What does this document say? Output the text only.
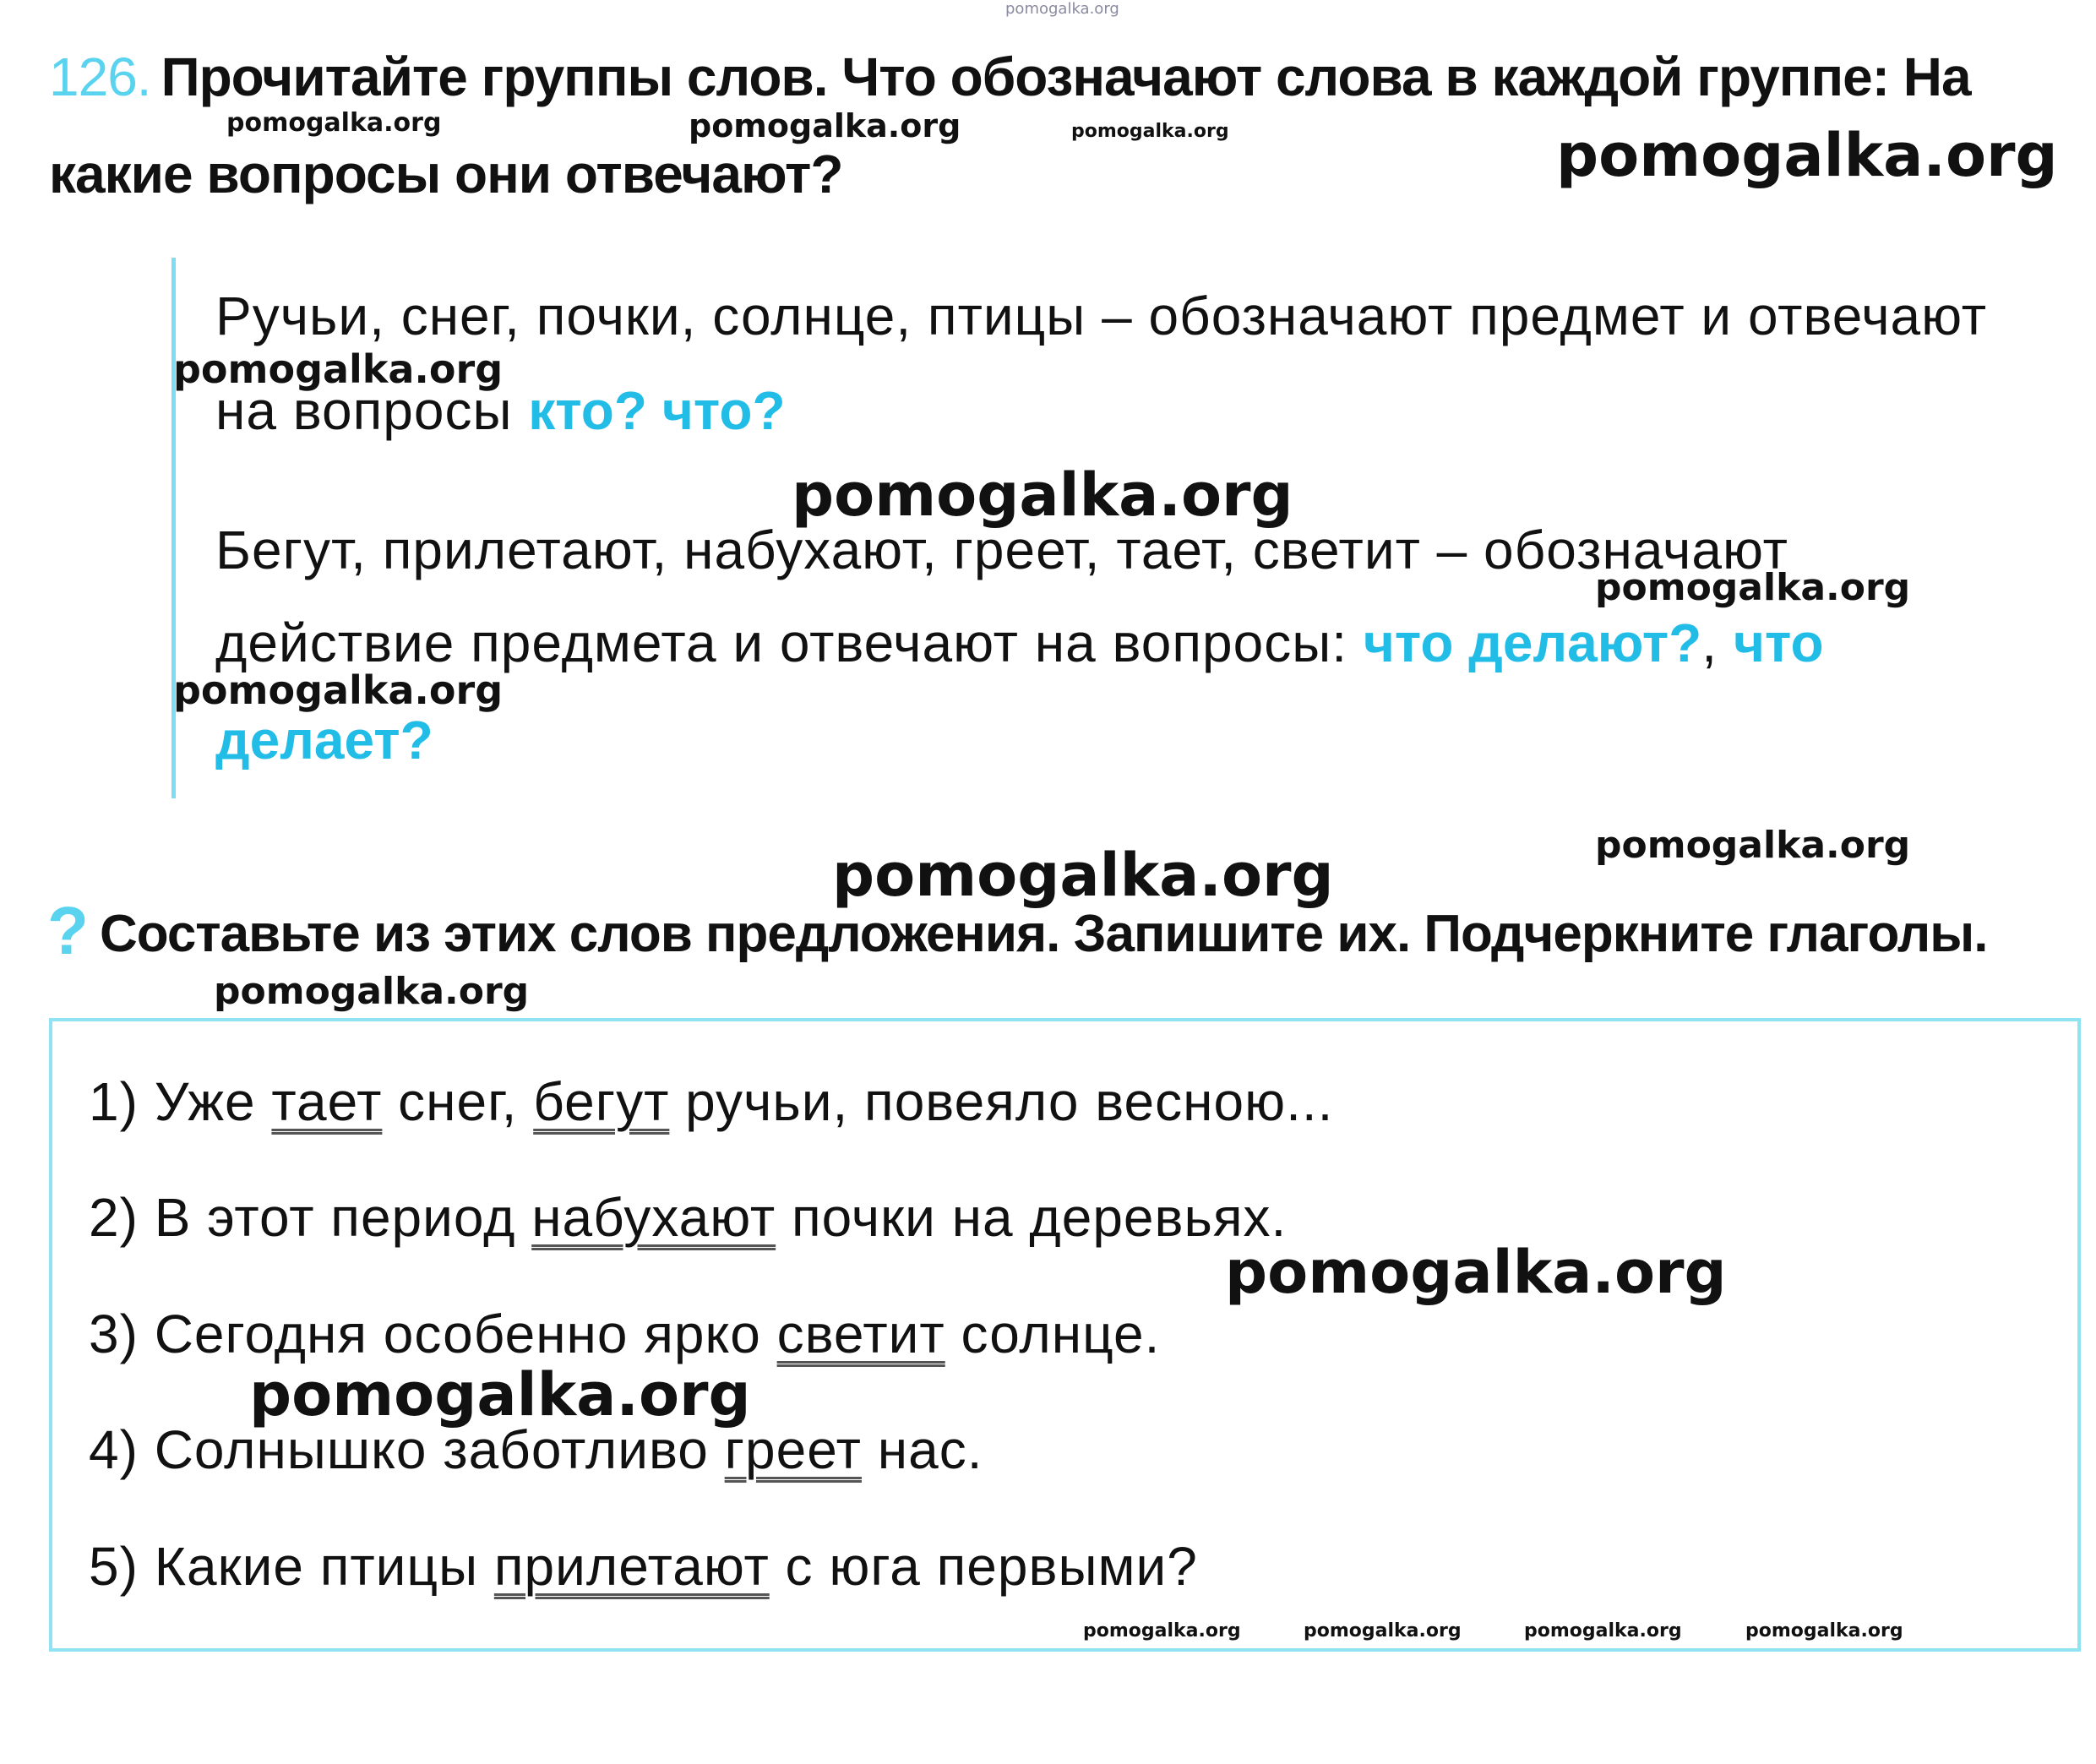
pomogalka.org
126. Прочитайте группы слов. Что обозначают слова в каждой группе: На
какие вопросы они отвечают?
pomogalka.org	pomogalka.org	pomogalka.org	pomogalka.org
Ручьи, снег, почки, солнце, птицы – обозначают предмет и отвечают
на вопросы кто? что?
Бегут, прилетают, набухают, греет, тает, светит – обозначают
действие предмета и отвечают на вопросы: что делают?, что
делает?
pomogalka.org
pomogalka.org
pomogalka.org
pomogalka.org
pomogalka.org
pomogalka.org
? Составьте из этих слов предложения. Запишите их. Подчеркните глаголы.
pomogalka.org
1) Уже тает снег, бегут ручьи, повеяло весною...
2) В этот период набухают почки на деревьях.
3) Сегодня особенно ярко светит солнце.
4) Солнышко заботливо греет нас.
5) Какие птицы прилетают с юга первыми?
pomogalka.org
pomogalka.org
pomogalka.org	pomogalka.org	pomogalka.org	pomogalka.org
